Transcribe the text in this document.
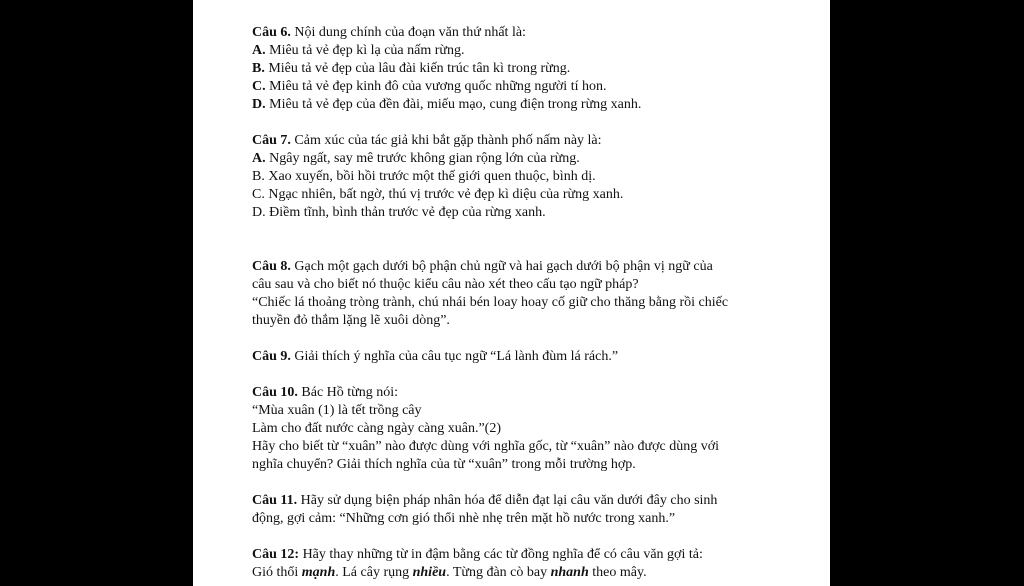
Câu 6. Nội dung chính của đoạn văn thứ nhất là:
A. Miêu tả vẻ đẹp kì lạ của nấm rừng.
B. Miêu tả vẻ đẹp của lâu đài kiến trúc tân kì trong rừng.
C. Miêu tả vẻ đẹp kinh đô của vương quốc những người tí hon.
D. Miêu tả vẻ đẹp của đền đài, miếu mạo, cung điện trong rừng xanh.
Câu 7. Cảm xúc của tác giả khi bắt gặp thành phố nấm này là:
A. Ngây ngất, say mê trước không gian rộng lớn của rừng.
B. Xao xuyến, bồi hồi trước một thế giới quen thuộc, bình dị.
C. Ngạc nhiên, bất ngờ, thú vị trước vẻ đẹp kì diệu của rừng xanh.
D. Điềm tĩnh, bình thản trước vẻ đẹp của rừng xanh.
Câu 8. Gạch một gạch dưới bộ phận chủ ngữ và hai gạch dưới bộ phận vị ngữ của
câu sau và cho biết nó thuộc kiểu câu nào xét theo cấu tạo ngữ pháp?
“Chiếc lá thoảng tròng trành, chú nhái bén loay hoay cố giữ cho thăng bằng rồi chiếc
thuyền đỏ thắm lặng lẽ xuôi dòng”.
Câu 9. Giải thích ý nghĩa của câu tục ngữ “Lá lành đùm lá rách.”
Câu 10. Bác Hồ từng nói:
“Mùa xuân (1) là tết trồng cây
Làm cho đất nước càng ngày càng xuân.”(2)
Hãy cho biết từ “xuân” nào được dùng với nghĩa gốc, từ “xuân” nào được dùng với
nghĩa chuyển? Giải thích nghĩa của từ “xuân” trong mỗi trường hợp.
Câu 11. Hãy sử dụng biện pháp nhân hóa để diễn đạt lại câu văn dưới đây cho sinh
động, gợi cảm: “Những cơn gió thổi nhè nhẹ trên mặt hồ nước trong xanh.”
Câu 12: Hãy thay những từ in đậm bằng các từ đồng nghĩa để có câu văn gợi tả:
Gió thổi mạnh. Lá cây rụng nhiều. Từng đàn cò bay nhanh theo mây.
